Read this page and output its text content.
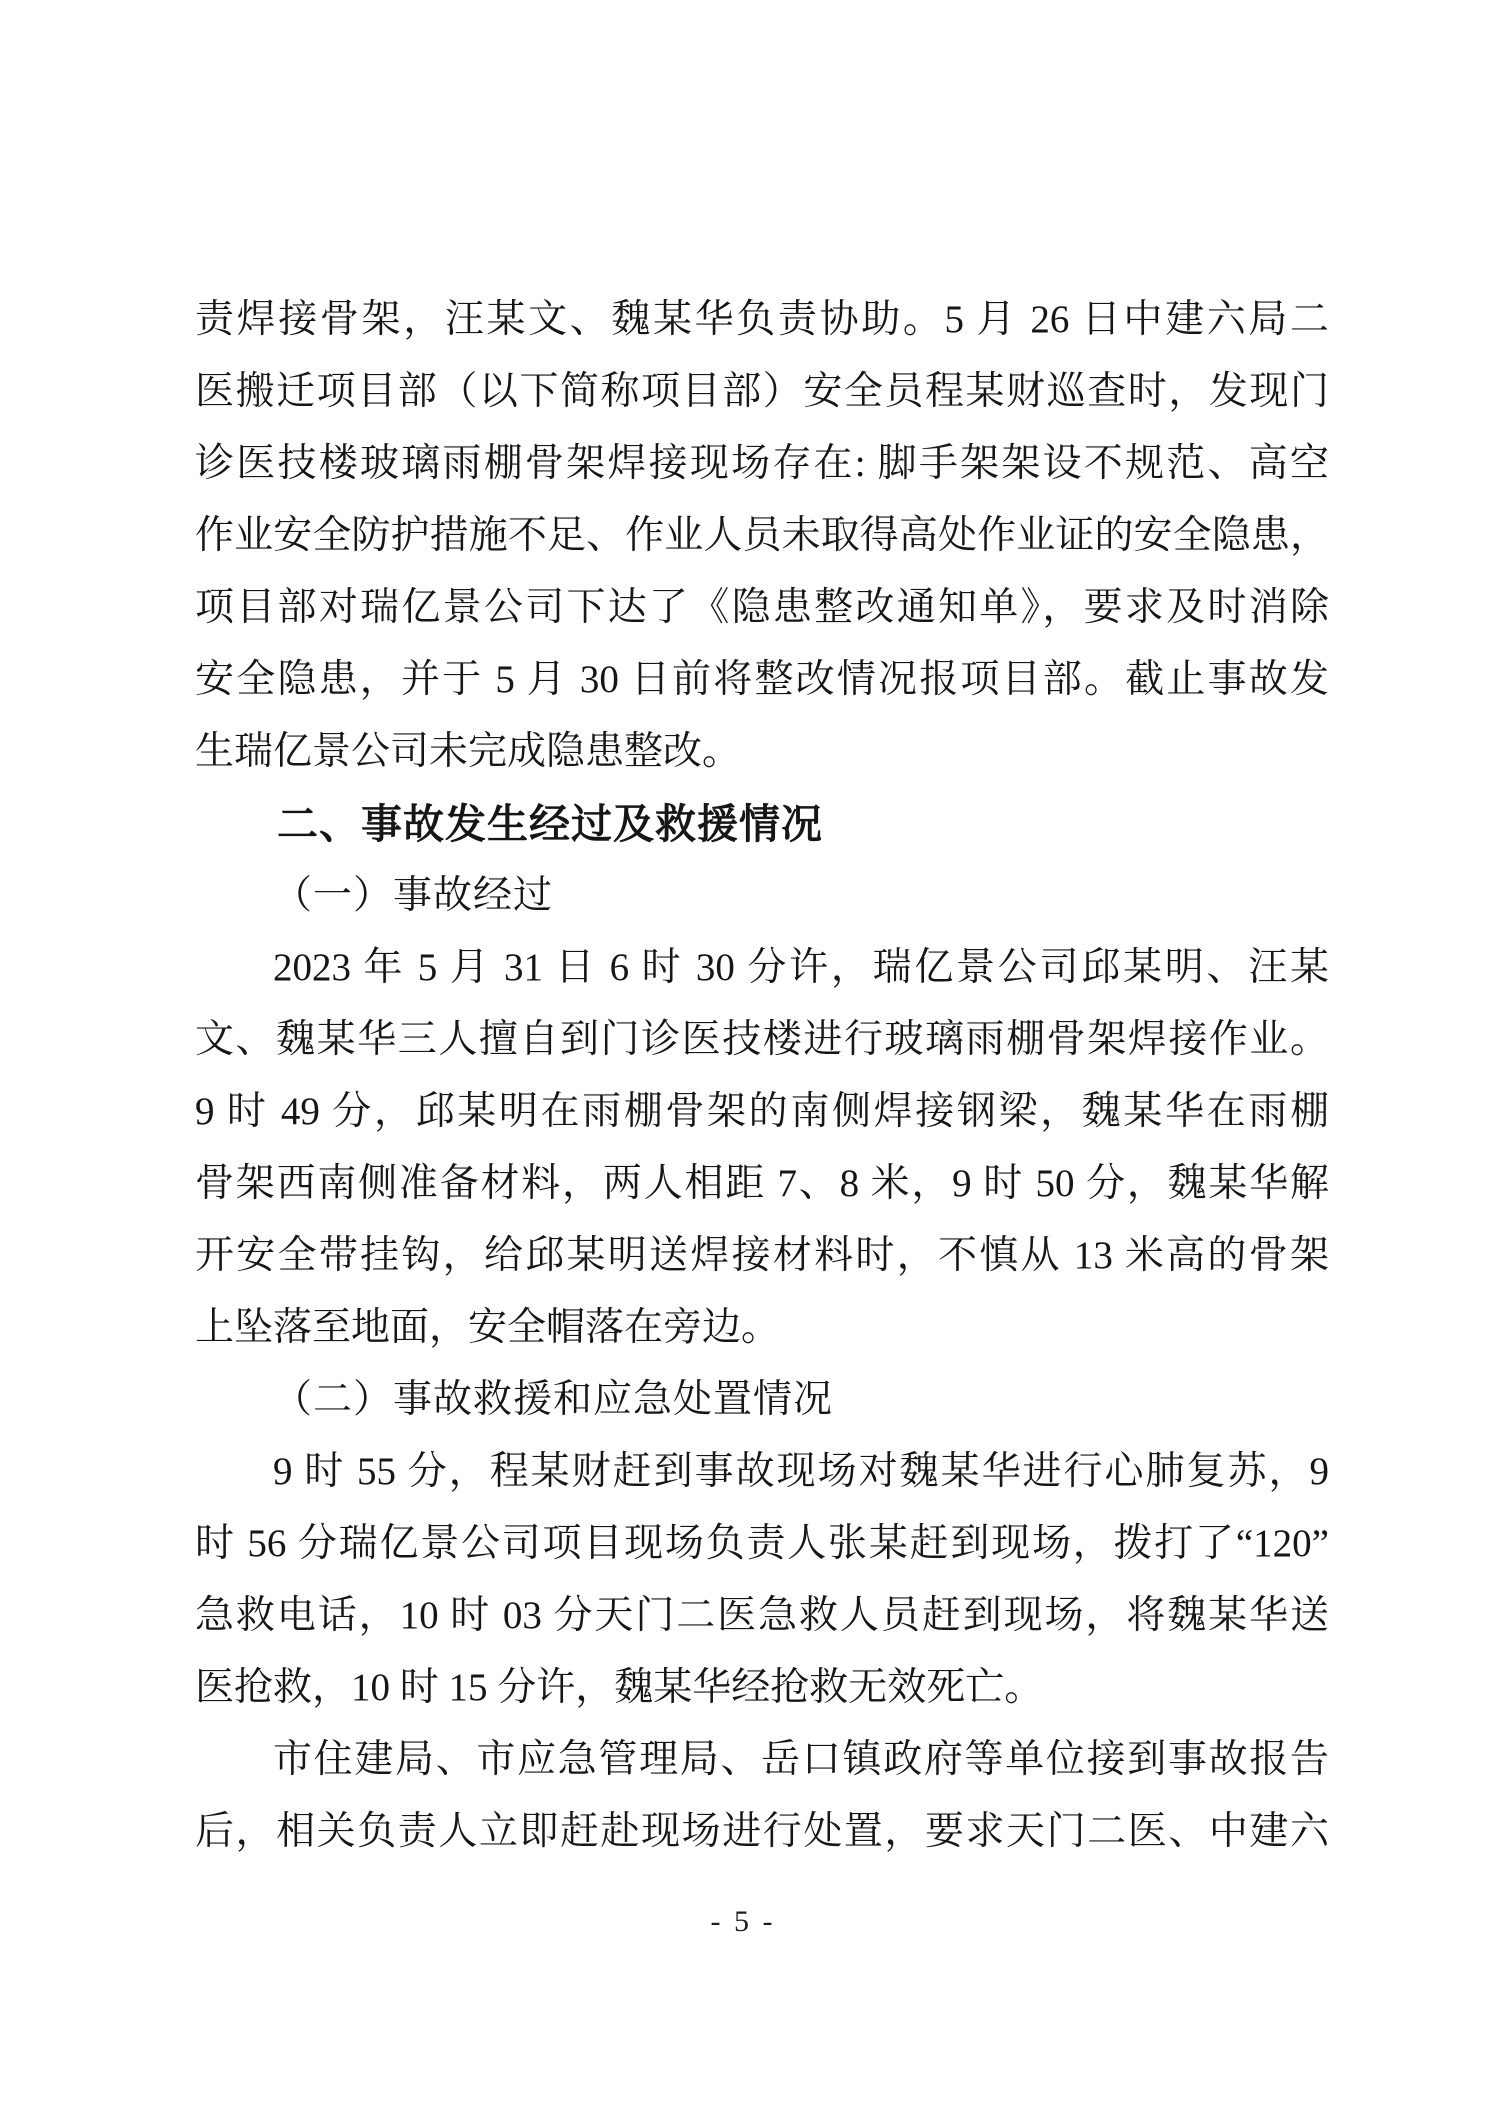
责焊接骨架，汪某文、魏某华负责协助。5 月 26 日中建六局二
医搬迁项目部（以下简称项目部）安全员程某财巡查时，发现门
诊医技楼玻璃雨棚骨架焊接现场存在: 脚手架架设不规范、高空
作业安全防护措施不足、作业人员未取得高处作业证的安全隐患，
项目部对瑞亿景公司下达了《隐患整改通知单》，要求及时消除
安全隐患，并于 5 月 30 日前将整改情况报项目部。截止事故发
生瑞亿景公司未完成隐患整改。
二、事故发生经过及救援情况
（一）事故经过
2023 年 5 月 31 日 6 时 30 分许，瑞亿景公司邱某明、汪某
文、魏某华三人擅自到门诊医技楼进行玻璃雨棚骨架焊接作业。
9 时 49 分，邱某明在雨棚骨架的南侧焊接钢梁，魏某华在雨棚
骨架西南侧准备材料，两人相距 7、8 米，9 时 50 分，魏某华解
开安全带挂钩，给邱某明送焊接材料时，不慎从 13 米高的骨架
上坠落至地面，安全帽落在旁边。
（二）事故救援和应急处置情况
9 时 55 分，程某财赶到事故现场对魏某华进行心肺复苏，9
时 56 分瑞亿景公司项目现场负责人张某赶到现场，拨打了“120”
急救电话，10 时 03 分天门二医急救人员赶到现场，将魏某华送
医抢救，10 时 15 分许，魏某华经抢救无效死亡。
市住建局、市应急管理局、岳口镇政府等单位接到事故报告
后，相关负责人立即赶赴现场进行处置，要求天门二医、中建六
- 5 -
